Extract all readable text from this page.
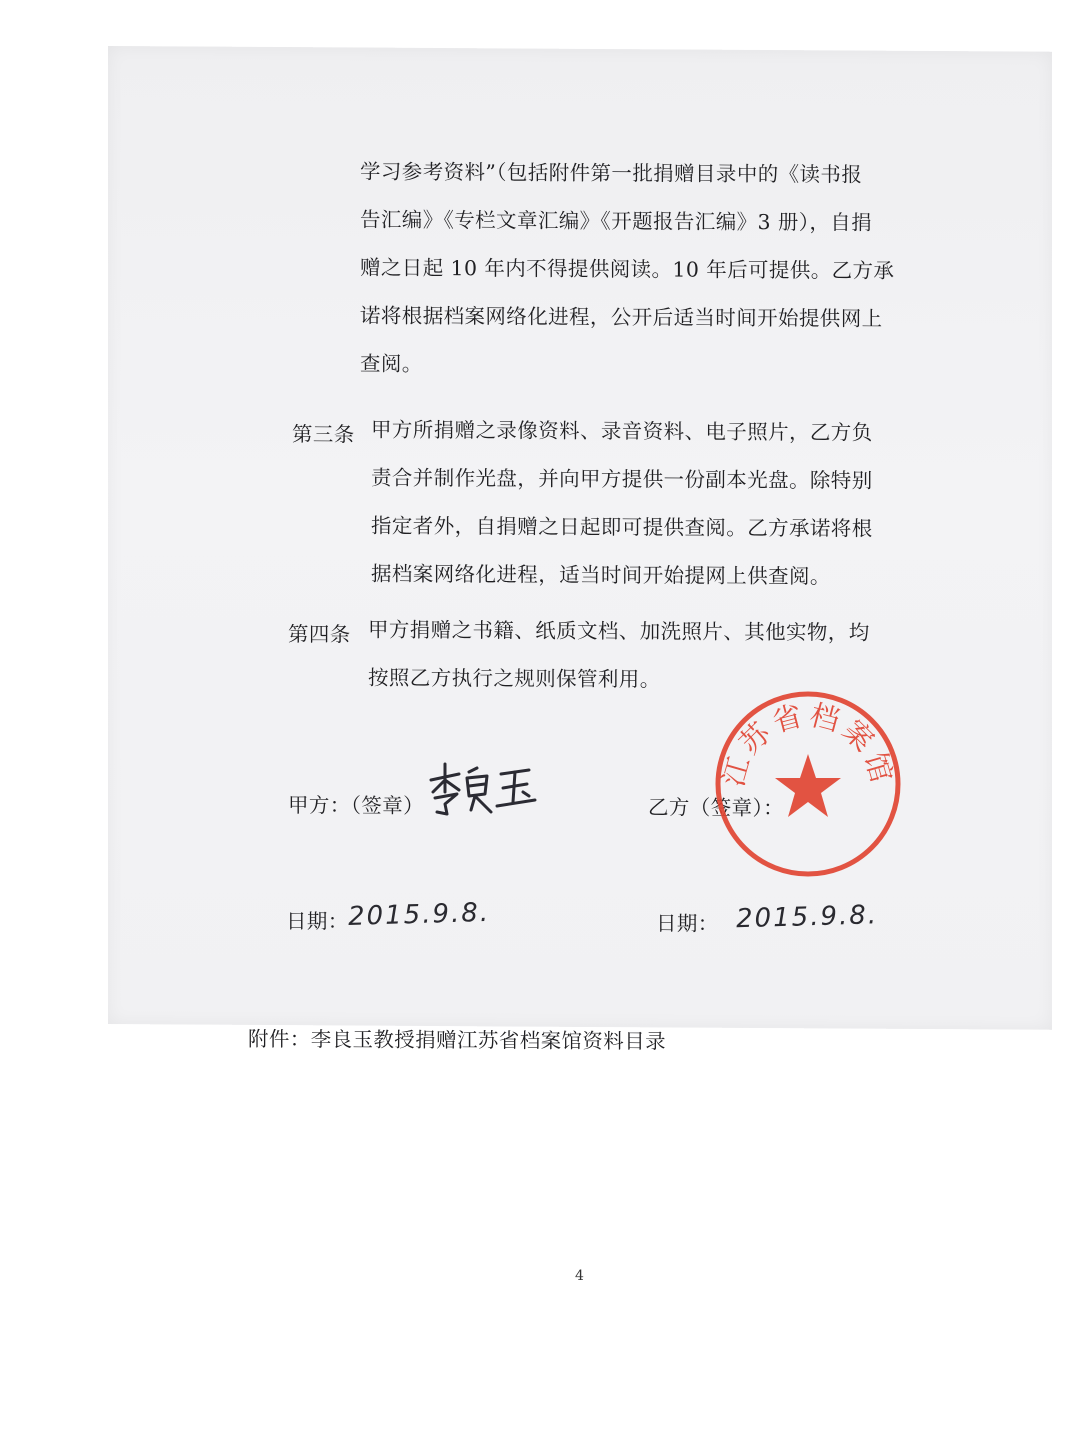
学习参考资料”（包括附件第一批捐赠目录中的《读书报
告汇编》《专栏文章汇编》《开题报告汇编》3 册），自捐
赠之日起 10 年内不得提供阅读。10 年后可提供。乙方承
诺将根据档案网络化进程，公开后适当时间开始提供网上
查阅。
第三条 甲方所捐赠之录像资料、录音资料、电子照片，乙方负
责合并制作光盘，并向甲方提供一份副本光盘。除特别
指定者外，自捐赠之日起即可提供查阅。乙方承诺将根
据档案网络化进程，适当时间开始提网上供查阅。
第四条 甲方捐赠之书籍、纸质文档、加洗照片、其他实物，均
按照乙方执行之规则保管利用。
甲方：（签章）	乙方（签章）：
日期：
2015.9.8.	日期： 2015.9.8.
附件：李良玉教授捐赠江苏省档案馆资料目录
江苏省档案馆
4
